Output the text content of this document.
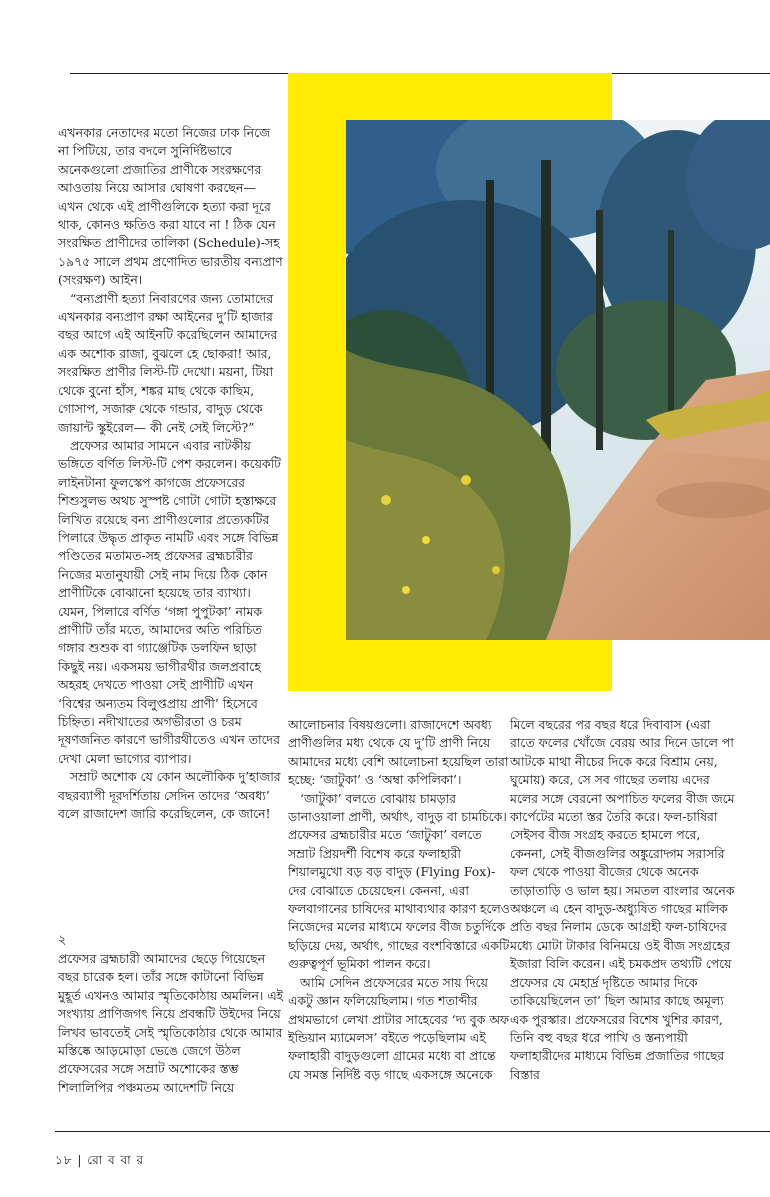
এখনকার নেতাদের মতো নিজের ঢাক নিজে না পিটিয়ে, তার বদলে সুনির্দিষ্টভাবে অনেকগুলো প্রজাতির প্রাণীকে সংরক্ষণের আওতায় নিয়ে আসার ঘোষণা করছেন— এখন থেকে এই প্রাণীগুলিকে হত্যা করা দূরে থাক, কোনও ক্ষতিও করা যাবে না ! ঠিক যেন সংরক্ষিত প্রাণীদের তালিকা (Schedule)-সহ ১৯৭৫ সালে প্রথম প্রণোদিত ভারতীয় বন্যপ্রাণ (সংরক্ষণ) আইন।

“বন্যপ্রাণী হত্যা নিবারণের জন্য তোমাদের এখনকার বন্যপ্রাণ রক্ষা আইনের দু’টি হাজার বছর আগে এই আইনটি করেছিলেন আমাদের এক অশোক রাজা, বুঝলে হে ছোকরা! আর, সংরক্ষিত প্রাণীর লিস্ট-টি দেখো। ময়না, টিয়া থেকে বুনো হাঁস, শঙ্কর মাছ থেকে কাছিম, গোসাপ, সজারু থেকে গন্ডার, বাদুড় থেকে জায়ান্ট স্কুইরেল— কী নেই সেই লিস্টে?”

প্রফেসর আমার সামনে এবার নাটকীয় ভঙ্গিতে বর্ণিত লিস্ট-টি পেশ করলেন। কয়েকটি লাইনটানা ফুলস্কেপ কাগজে প্রফেসরের শিশুসুলভ অথচ সুস্পষ্ট গোটা গোটা হস্তাক্ষরে লিখিত রয়েছে বন্য প্রাণীগুলোর প্রত্যেকটির পিলারে উদ্ধৃত প্রাকৃত নামটি এবং সঙ্গে বিভিন্ন পণ্ডিতের মতামত-সহ প্রফেসর ব্রহ্মচারীর নিজের মতানুযায়ী সেই নাম দিয়ে ঠিক কোন প্রাণীটিকে বোঝানো হয়েছে তার ব্যাখ্যা। যেমন, পিলারে বর্ণিত ‘গঙ্গা পুপুটকা’ নামক প্রাণীটি তাঁর মতে, আমাদের অতি পরিচিত গঙ্গার শুশুক বা গ্যাঞ্জেটিক ডলফিন ছাড়া কিছুই নয়। একসময় ভাগীরথীর জলপ্রবাহে অহরহ দেখতে পাওয়া সেই প্রাণীটি এখন ‘বিশ্বের অন্যতম বিলুপ্তপ্রায় প্রাণী’ হিসেবে চিহ্নিত। নদীখাতের অগভীরতা ও চরম দূষণজনিত কারণে ভাগীরথীতেও এখন তাদের দেখা মেলা ভাগ্যের ব্যাপার।

সম্রাট অশোক যে কোন অলৌকিক দু’হাজার বছরব্যাপী দূরদর্শিতায় সেদিন তাদের ‘অবধ্য’ বলে রাজাদেশ জারি করেছিলেন, কে জানে!

২

প্রফেসর ব্রহ্মচারী আমাদের ছেড়ে গিয়েছেন বছর চারেক হল। তাঁর সঙ্গে কাটানো বিভিন্ন মুহূর্ত এখনও আমার স্মৃতিকোঠায় অমলিন। এই সংখ্যায় প্রাণিজগৎ নিয়ে প্রবন্ধটি উইদের নিয়ে লিখব ভাবতেই সেই স্মৃতিকোঠার থেকে আমার মস্তিষ্কে আড়মোড়া ভেঙে জেগে উঠল প্রফেসরের সঙ্গে সম্রাট অশোকের স্তম্ভ শিলালিপির পঞ্চমতম আদেশটি নিয়ে

আলোচনার বিষয়গুলো। রাজাদেশে অবধ্য প্রাণীগুলির মধ্য থেকে যে দু’টি প্রাণী নিয়ে আমাদের মধ্যে বেশি আলোচনা হয়েছিল তারা হচ্ছে: ‘জাটুকা’ ও ‘অম্বা কপিলিকা’।

‘জাটুকা’ বলতে বোঝায় চামড়ার ডানাওয়ালা প্রাণী, অর্থাৎ, বাদুড় বা চামচিকে। প্রফেসর ব্রহ্মচারীর মতে ‘জাটুকা’ বলতে সম্রাট প্রিয়দর্শী বিশেষ করে ফলাহারী শিয়ালমুখো বড় বড় বাদুড় (Flying Fox)-দের বোঝাতে চেয়েছেন। কেননা, এরা ফলবাগানের চাষিদের মাথাব্যথার কারণ হলেও নিজেদের মলের মাধ্যমে ফলের বীজ চতুর্দিকে ছড়িয়ে দেয়, অর্থাৎ, গাছের বংশবিস্তারে একটি গুরুত্বপূর্ণ ভূমিকা পালন করে।

আমি সেদিন প্রফেসরের মতে সায় দিয়ে একটু জ্ঞান ফলিয়েছিলাম। গত শতাব্দীর প্রথমভাগে লেখা প্রাটার সাহেবের ‘দ্য বুক অফ ইন্ডিয়ান ম্যামেলস’ বইতে পড়েছিলাম এই ফলাহারী বাদুড়গুলো গ্রামের মধ্যে বা প্রান্তে যে সমস্ত নির্দিষ্ট বড় গাছে একসঙ্গে অনেকে

মিলে বছরের পর বছর ধরে দিবাবাস (এরা রাতে ফলের খোঁজে বেরয় আর দিনে ডালে পা আটকে মাথা নীচের দিকে করে বিশ্রাম নেয়, ঘুমোয়) করে, সে সব গাছের তলায় এদের মলের সঙ্গে বেরনো অপাচিত ফলের বীজ জমে কার্পেটের মতো স্তর তৈরি করে। ফল-চাষিরা সেইসব বীজ সংগ্রহ করতে হামলে পরে, কেননা, সেই বীজগুলির অঙ্কুরোদ্গম সরাসরি ফল থেকে পাওয়া বীজের থেকে অনেক তাড়াতাড়ি ও ভাল হয়। সমতল বাংলার অনেক অঞ্চলে এ হেন বাদুড়-অধ্যুষিত গাছের মালিক প্রতি বছর নিলাম ডেকে আগ্রহী ফল-চাষিদের মধ্যে মোটা টাকার বিনিময়ে ওই বীজ সংগ্রহের ইজারা বিলি করেন। এই চমকপ্রদ তথ্যটি পেয়ে প্রফেসর যে মেহার্দ্র দৃষ্টিতে আমার দিকে তাকিয়েছিলেন তা’ ছিল আমার কাছে অমূল্য এক পুরস্কার। প্রফেসরের বিশেষ খুশির কারণ, তিনি বহু বছর ধরে পাখি ও স্তন্যপায়ী ফলাহারীদের মাধ্যমে বিভিন্ন প্রজাতির গাছের বিস্তার

১৮ | রো ব বা র
